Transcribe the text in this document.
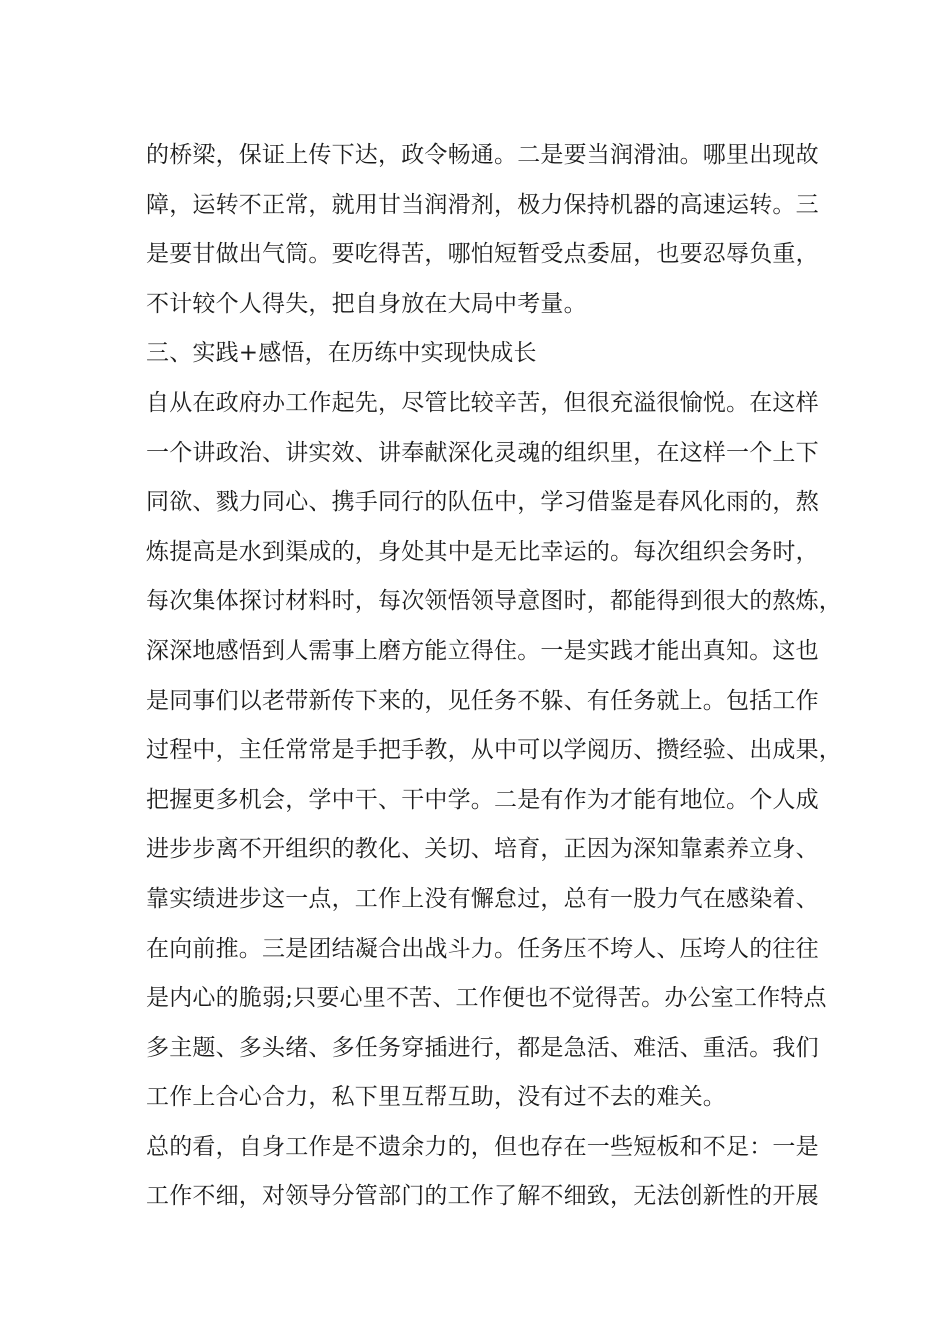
的桥梁，保证上传下达，政令畅通。二是要当润滑油。哪里出现故
障，运转不正常，就用甘当润滑剂，极力保持机器的高速运转。三
是要甘做出气筒。要吃得苦，哪怕短暂受点委屈，也要忍辱负重，
不计较个人得失，把自身放在大局中考量。
三、实践+感悟，在历练中实现快成长
自从在政府办工作起先，尽管比较辛苦，但很充溢很愉悦。在这样
一个讲政治、讲实效、讲奉献深化灵魂的组织里，在这样一个上下
同欲、戮力同心、携手同行的队伍中，学习借鉴是春风化雨的，熬
炼提高是水到渠成的，身处其中是无比幸运的。每次组织会务时，
每次集体探讨材料时，每次领悟领导意图时，都能得到很大的熬炼，
深深地感悟到人需事上磨方能立得住。一是实践才能出真知。这也
是同事们以老带新传下来的，见任务不躲、有任务就上。包括工作
过程中，主任常常是手把手教，从中可以学阅历、攒经验、出成果，
把握更多机会，学中干、干中学。二是有作为才能有地位。个人成
进步步离不开组织的教化、关切、培育，正因为深知靠素养立身、
靠实绩进步这一点，工作上没有懈怠过，总有一股力气在感染着、
在向前推。三是团结凝合出战斗力。任务压不垮人、压垮人的往往
是内心的脆弱;只要心里不苦、工作便也不觉得苦。办公室工作特点
多主题、多头绪、多任务穿插进行，都是急活、难活、重活。我们
工作上合心合力，私下里互帮互助，没有过不去的难关。
总的看，自身工作是不遗余力的，但也存在一些短板和不足：一是
工作不细，对领导分管部门的工作了解不细致，无法创新性的开展
